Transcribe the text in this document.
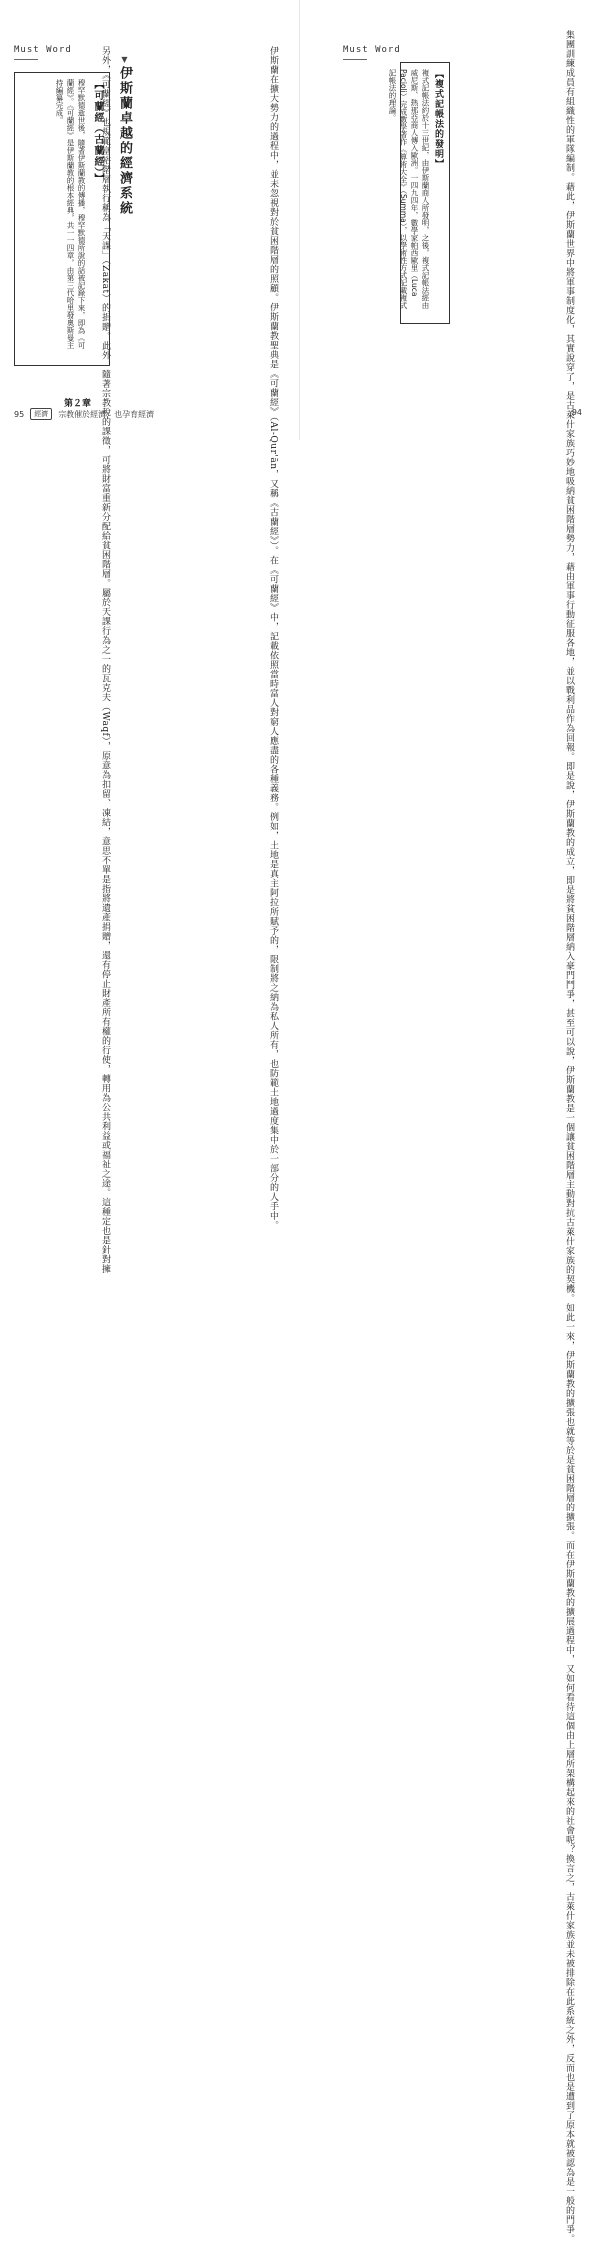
Must Word	伊斯蘭在擴大勢力的過程中，並未忽視對於貧困階層的照顧。伊斯蘭教聖典是《可蘭經》（Al-Qur'ān，又稱《古蘭經》）。在《可蘭經》中，記載依照當時富人對窮人應盡的各種義務。例如，土地是真主阿拉所賦予的，限制將之納為私人所有，也防範土地過度集中於一部分的人手中。
▼伊斯蘭卓越的經濟系統
另外，《可蘭經》也規範富裕階層執行稱為「天課」（Zakat）的捐贈。此外，隨著宗教稅的課徵，可將財富重新分配給貧困階層。屬於天課行為之一的瓦克夫（Waqf），原意為扣留、凍結，意思不單是指將遺產捐贈，還有停止財產所有權的行使，轉用為公共利益或福祉之途。這種定也是針對擁
【可蘭經（古蘭經）】
穆罕默德逝世後，隨著伊斯蘭教的傳播，穆罕默德所說的話被記錄下來，即為《可蘭經》。《可蘭經》是伊斯蘭教的根本經典，共一一四章，由第三代哈里發奧斯曼主持編纂完成。
第２章
95	經濟	宗教催於經濟，也孕育經濟
Must Word	集團訓練成員有組織性的軍隊編制。藉此，伊斯蘭世界中將軍事制度化，其實說穿了，是古萊什家族巧妙地吸納貧困階層勢力，藉由軍事行動征服各地，並以戰利品作為回報。即是說，伊斯蘭教的成立，即是將貧困階層納入豪門鬥爭，甚至可以說，伊斯蘭教是一個讓貧困階層主動對抗古萊什家族的契機。如此一來，伊斯蘭教的擴張也就等於是貧困階層的擴張。而在伊斯蘭教的擴展過程中，又如何看待這個由上層所架構起來的社會呢？換言之，古萊什家族並未被排除在此系統之外，反而也是遭到了原本就被認為是一般的門爭。
【複式記帳法的發明】
複式記帳法約於十三世紀，由伊斯蘭商人所發明，之後，複式記帳法經由威尼斯、熱那亞商人傳入歐洲。一四九四年，數學家帕西歐里（Luca Pacioli）完成數學著作《算術大全》（Summa），以學術性方式記載複式記帳法的理論。
94
